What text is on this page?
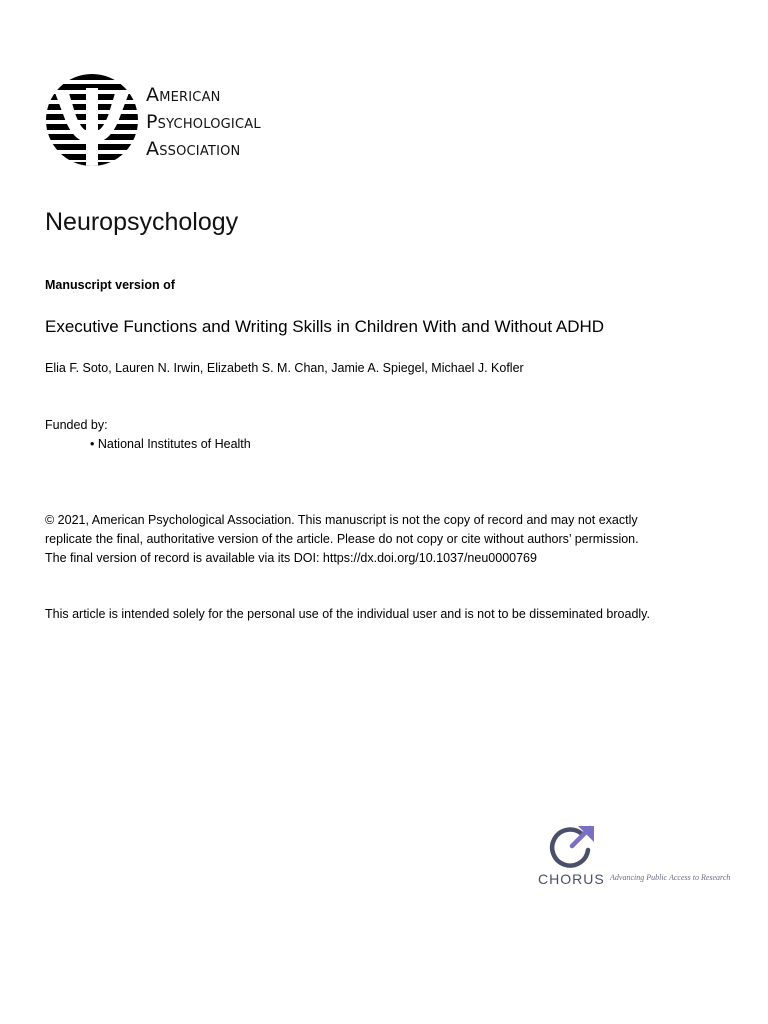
American
Psychological
Association
Neuropsychology
Manuscript version of
Executive Functions and Writing Skills in Children With and Without ADHD
Elia F. Soto, Lauren N. Irwin, Elizabeth S. M. Chan, Jamie A. Spiegel, Michael J. Kofler
Funded by:
• National Institutes of Health
© 2021, American Psychological Association. This manuscript is not the copy of record and may not exactly
replicate the final, authoritative version of the article. Please do not copy or cite without authors’ permission.
The final version of record is available via its DOI: https://dx.doi.org/10.1037/neu0000769
This article is intended solely for the personal use of the individual user and is not to be disseminated broadly.
CHORUS Advancing Public Access to Research
